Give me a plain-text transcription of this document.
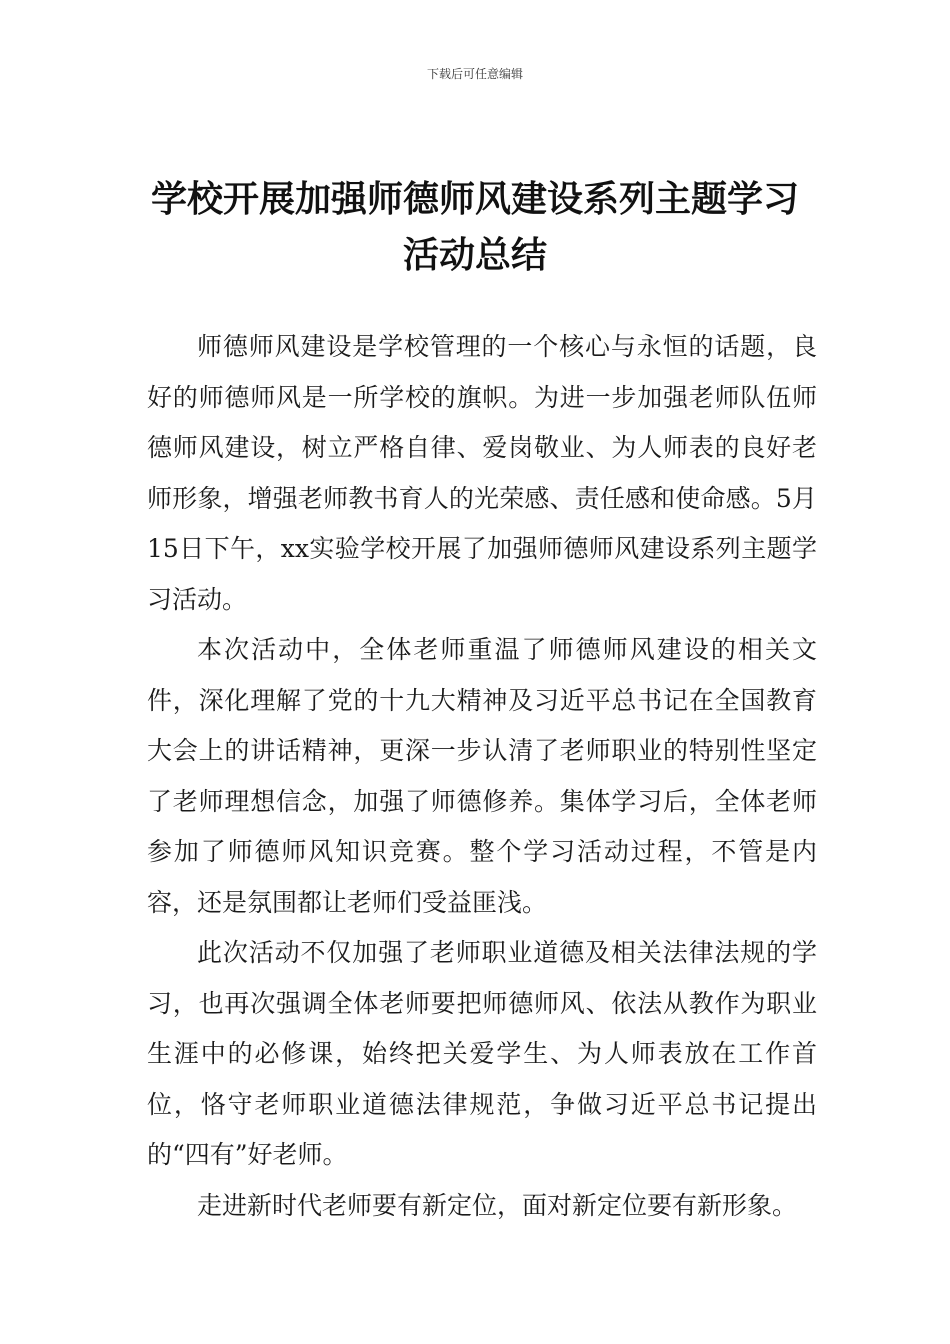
下载后可任意编辑
学校开展加强师德师风建设系列主题学习
活动总结

师德师风建设是学校管理的一个核心与永恒的话题，良好的师德师风是一所学校的旗帜。为进一步加强老师队伍师德师风建设，树立严格自律、爱岗敬业、为人师表的良好老师形象，增强老师教书育人的光荣感、责任感和使命感。5月15日下午，xx实验学校开展了加强师德师风建设系列主题学习活动。

本次活动中，全体老师重温了师德师风建设的相关文件，深化理解了党的十九大精神及习近平总书记在全国教育大会上的讲话精神，更深一步认清了老师职业的特别性坚定了老师理想信念，加强了师德修养。集体学习后，全体老师参加了师德师风知识竞赛。整个学习活动过程，不管是内容，还是氛围都让老师们受益匪浅。

此次活动不仅加强了老师职业道德及相关法律法规的学习，也再次强调全体老师要把师德师风、依法从教作为职业生涯中的必修课，始终把关爱学生、为人师表放在工作首位，恪守老师职业道德法律规范，争做习近平总书记提出的“四有”好老师。

走进新时代老师要有新定位，面对新定位要有新形象。
